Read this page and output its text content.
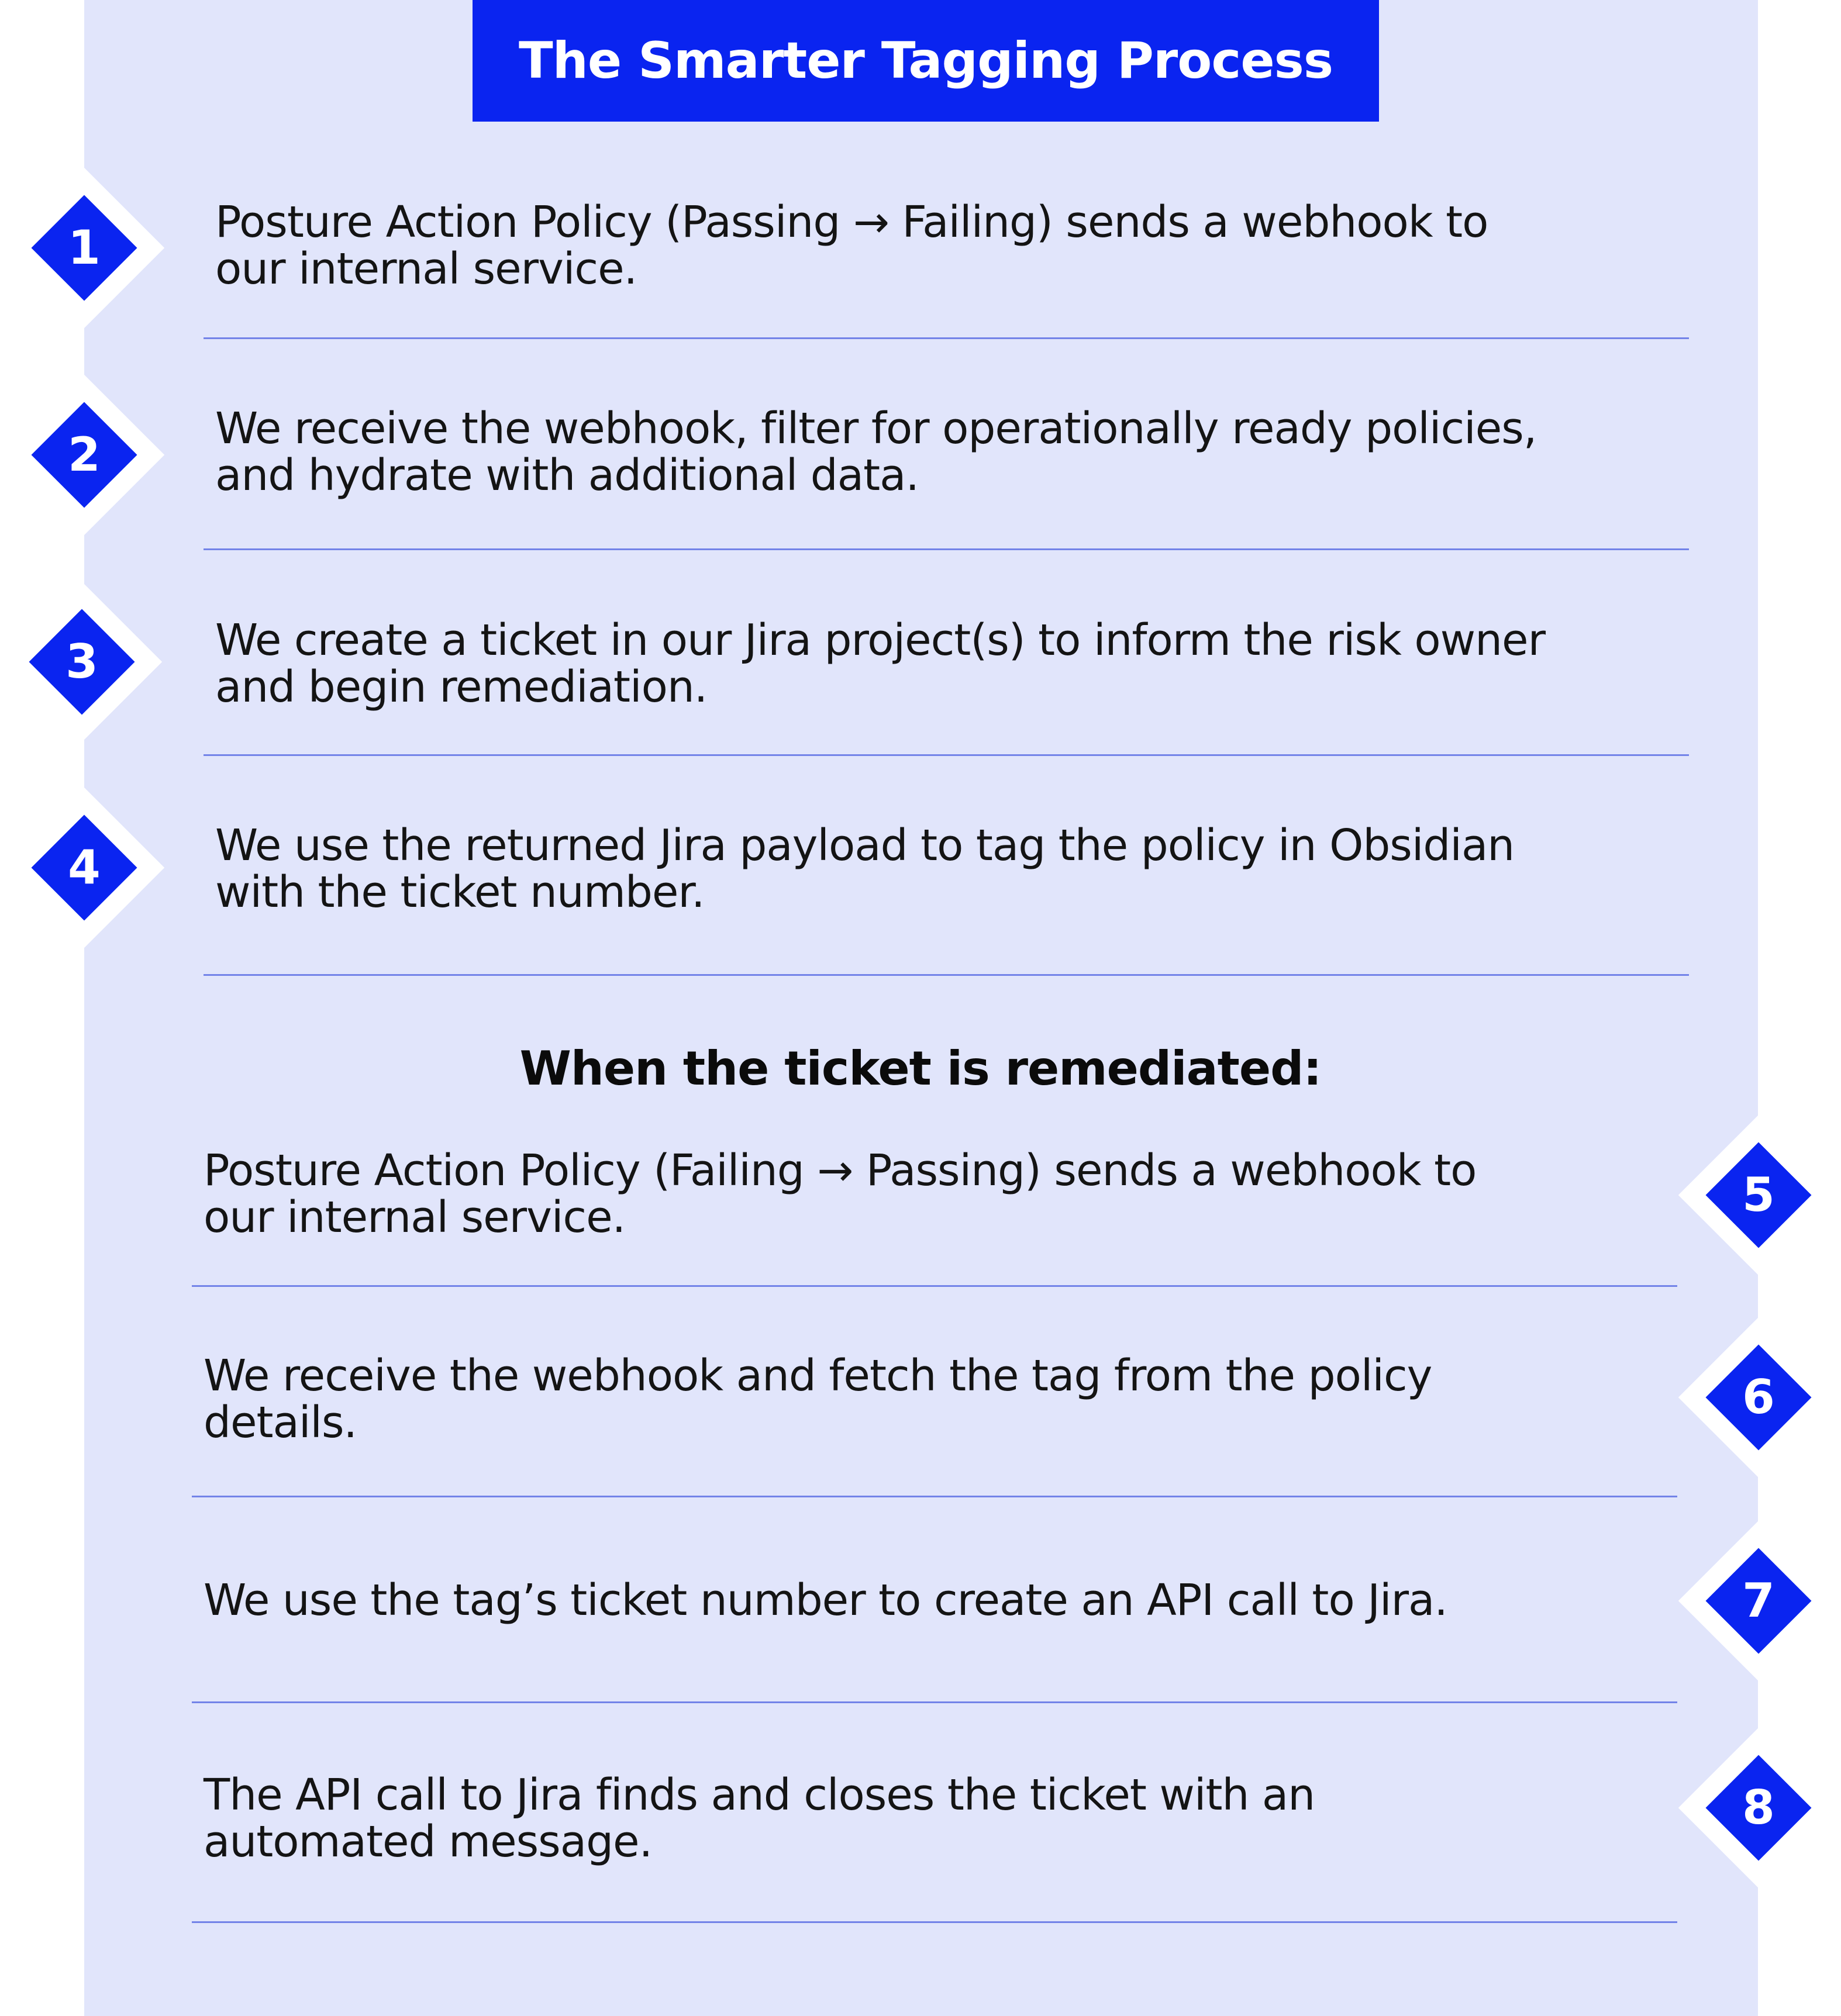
The Smarter Tagging Process
1	Posture Action Policy (Passing → Failing) sends a webhook to
our internal service.
2	We receive the webhook, filter for operationally ready policies,
and hydrate with additional data.
3	We create a ticket in our Jira project(s) to inform the risk owner
and begin remediation.
4	We use the returned Jira payload to tag the policy in Obsidian
with the ticket number.
When the ticket is remediated:
Posture Action Policy (Failing → Passing) sends a webhook to
our internal service.	5
We receive the webhook and fetch the tag from the policy
details.	6
We use the tag’s ticket number to create an API call to Jira.	7
The API call to Jira finds and closes the ticket with an
automated message.
8
